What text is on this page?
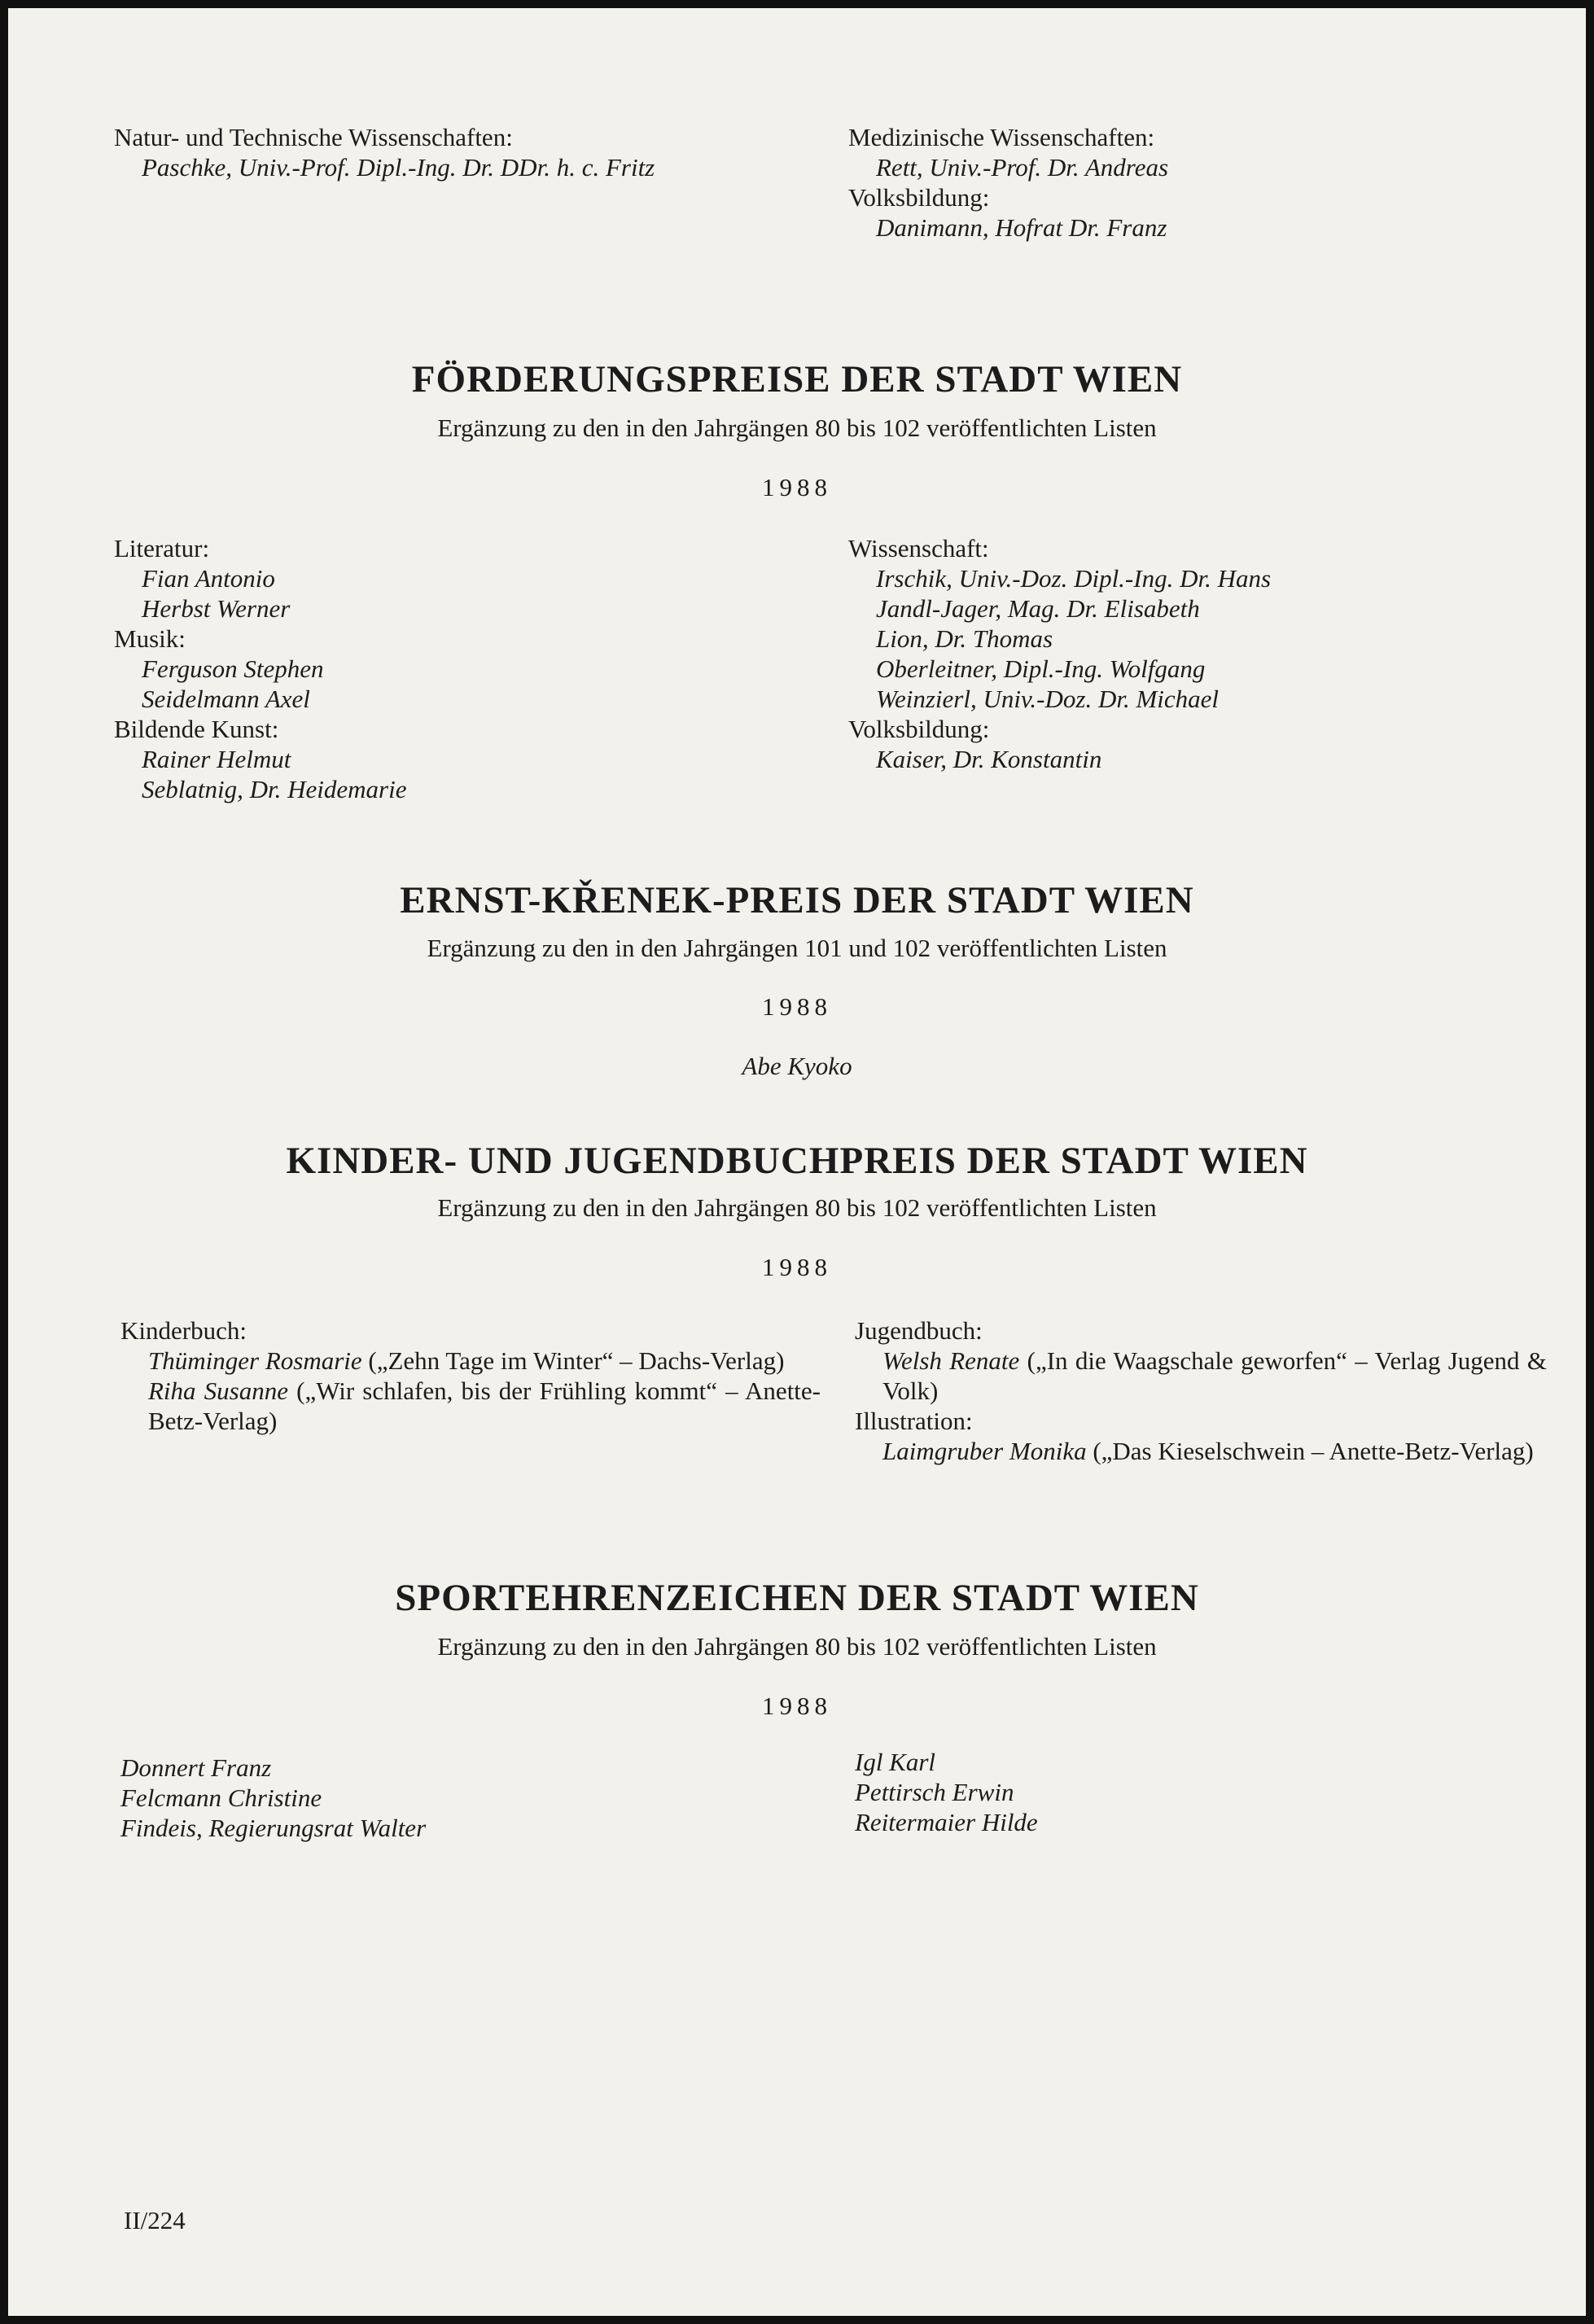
Natur- und Technische Wissenschaften:
Paschke, Univ.-Prof. Dipl.-Ing. Dr. DDr. h. c. Fritz
Medizinische Wissenschaften:
Rett, Univ.-Prof. Dr. Andreas
Volksbildung:
Danimann, Hofrat Dr. Franz
FÖRDERUNGSPREISE DER STADT WIEN
Ergänzung zu den in den Jahrgängen 80 bis 102 veröffentlichten Listen
1988
Literatur:
Fian Antonio
Herbst Werner
Musik:
Ferguson Stephen
Seidelmann Axel
Bildende Kunst:
Rainer Helmut
Seblatnig, Dr. Heidemarie
Wissenschaft:
Irschik, Univ.-Doz. Dipl.-Ing. Dr. Hans
Jandl-Jager, Mag. Dr. Elisabeth
Lion, Dr. Thomas
Oberleitner, Dipl.-Ing. Wolfgang
Weinzierl, Univ.-Doz. Dr. Michael
Volksbildung:
Kaiser, Dr. Konstantin
ERNST-KŘENEK-PREIS DER STADT WIEN
Ergänzung zu den in den Jahrgängen 101 und 102 veröffentlichten Listen
1988
Abe Kyoko
KINDER- UND JUGENDBUCHPREIS DER STADT WIEN
Ergänzung zu den in den Jahrgängen 80 bis 102 veröffentlichten Listen
1988
Kinderbuch:
Thüminger Rosmarie („Zehn Tage im Winter“ – Dachs-Verlag)
Riha Susanne („Wir schlafen, bis der Frühling kommt“ – Anette-Betz-Verlag)
Jugendbuch:
Welsh Renate („In die Waagschale geworfen“ – Verlag Jugend & Volk)
Illustration:
Laimgruber Monika („Das Kieselschwein – Anette-Betz-Verlag)
SPORTEHRENZEICHEN DER STADT WIEN
Ergänzung zu den in den Jahrgängen 80 bis 102 veröffentlichten Listen
1988
Donnert Franz
Felcmann Christine
Findeis, Regierungsrat Walter
Igl Karl
Pettirsch Erwin
Reitermaier Hilde
II/224
